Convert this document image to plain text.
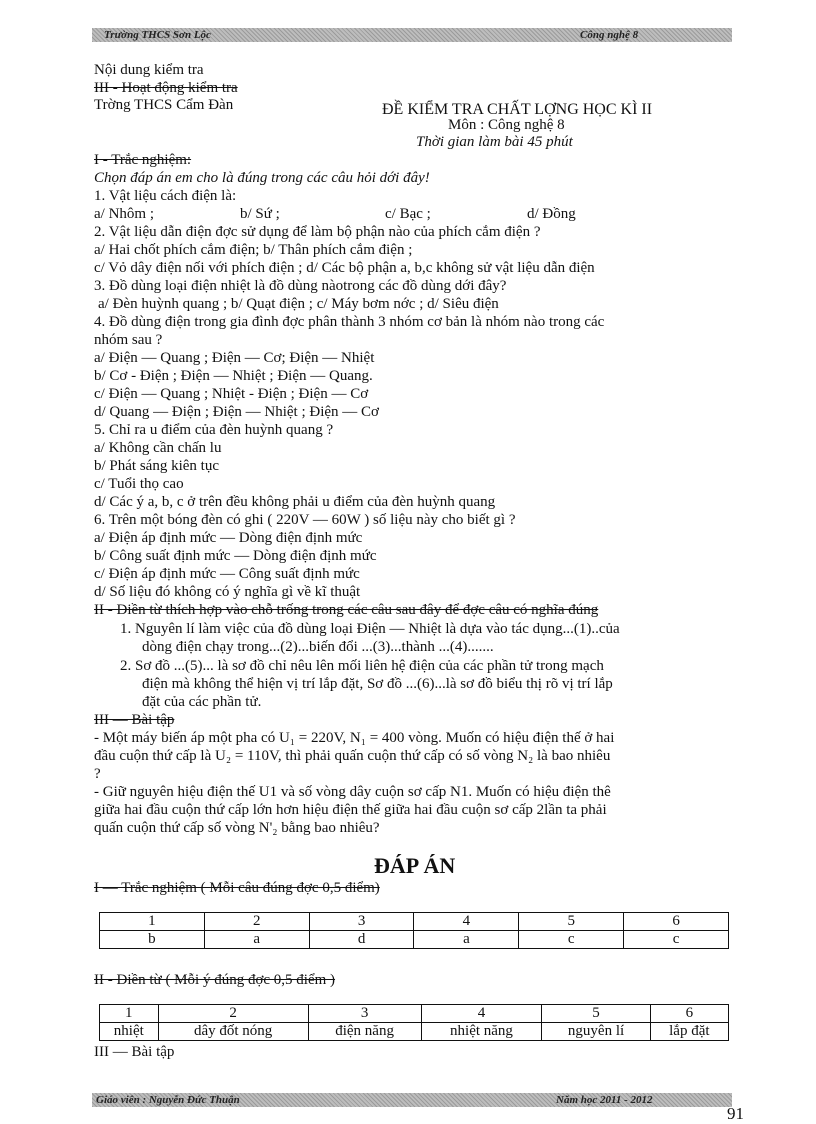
Trường THCS Sơn Lộc	Công nghệ 8
Nội dung kiểm tra
III - Hoạt động kiểm tra
Trờng THCS Cẩm Đàn	ĐỀ KIỂM TRA CHẤT LỢNG HỌC KÌ II
Môn : Công nghệ 8
Thời gian làm bài 45 phút
I - Trắc nghiệm:
Chọn đáp án em cho là đúng trong các câu hỏi dới đây!
1. Vật liệu cách điện là:
a/ Nhôm ;	b/ Sứ ;	c/ Bạc ;	d/ Đồng
2. Vật liệu dẫn điện đợc sử dụng để làm bộ phận nào của phích cắm điện ?
a/ Hai chốt phích cắm điện; b/ Thân phích cắm điện ;
c/ Vỏ dây điện nối với phích điện ; d/ Các bộ phận a, b,c không sử vật liệu dẫn điện
3. Đồ dùng loại điện nhiệt là đồ dùng nàotrong các đồ dùng dới đây?
a/ Đèn huỳnh quang ; b/ Quạt điện ; c/ Máy bơm nớc ; d/ Siêu điện
4. Đồ dùng điện trong gia đình đợc phân thành 3 nhóm cơ bản là nhóm nào trong các
nhóm sau ?
a/ Điện — Quang ; Điện — Cơ; Điện — Nhiệt
b/ Cơ - Điện ; Điện — Nhiệt ; Điện — Quang.
c/ Điện — Quang ; Nhiệt - Điện ; Điện — Cơ
d/ Quang — Điện ; Điện — Nhiệt ; Điện — Cơ
5. Chỉ ra u điểm của đèn huỳnh quang ?
a/ Không cần chấn lu
b/ Phát sáng kiên tục
c/ Tuổi thọ cao
d/ Các ý a, b, c ở trên đều không phải u điểm của đèn huỳnh quang
6. Trên một bóng đèn có ghi ( 220V — 60W ) số liệu này cho biết gì ?
a/ Điện áp định mức — Dòng điện định mức
b/ Công suất định mức — Dòng điện định mức
c/ Điện áp định mức — Công suất định mức
d/ Số liệu đó không có ý nghĩa gì về kĩ thuật
II - Điền từ thích hợp vào chỗ trống trong các câu sau đây để đợc câu có nghĩa đúng
1. Nguyên lí làm việc của đồ dùng loại Điện — Nhiệt là dựa vào tác dụng...(1)..của
dòng điện chạy trong...(2)...biến đổi ...(3)...thành ...(4).......
2. Sơ đồ ...(5)... là sơ đồ chỉ nêu lên mối liên hệ điện của các phần tử trong mạch
điện mà không thể hiện vị trí lắp đặt, Sơ đồ ...(6)...là sơ đồ biểu thị rõ vị trí lắp
đặt của các phần tử.
III — Bài tập
- Một máy biến áp một pha có U₁ = 220V, N₁ = 400 vòng. Muốn có hiệu điện thế ở hai
đầu cuộn thứ cấp là U₂ = 110V, thì phải quấn cuộn thứ cấp có số vòng N₂ là bao nhiêu
?
- Giữ nguyên hiệu điện thế U1 và số vòng dây cuộn sơ cấp N1. Muốn có hiệu điện thê
giữa hai đầu cuộn thứ cấp lớn hơn hiệu điện thế giữa hai đầu cuộn sơ cấp 2lần ta phải
quấn cuộn thứ cấp số vòng N'₂ bằng bao nhiêu?
ĐÁP ÁN
I — Trắc nghiệm ( Mỗi câu đúng đợc 0,5 điểm)
1	2	3	4	5	6
b	a	d	a	c	c
II - Điền từ ( Mỗi ý đúng đợc 0,5 điểm )
1	2	3	4	5	6
nhiệt	dây đốt nóng	điện năng	nhiệt năng	nguyên lí	lắp đặt
III — Bài tập
Giáo viên : Nguyễn Đức Thuận	Năm học 2011 - 2012
91
